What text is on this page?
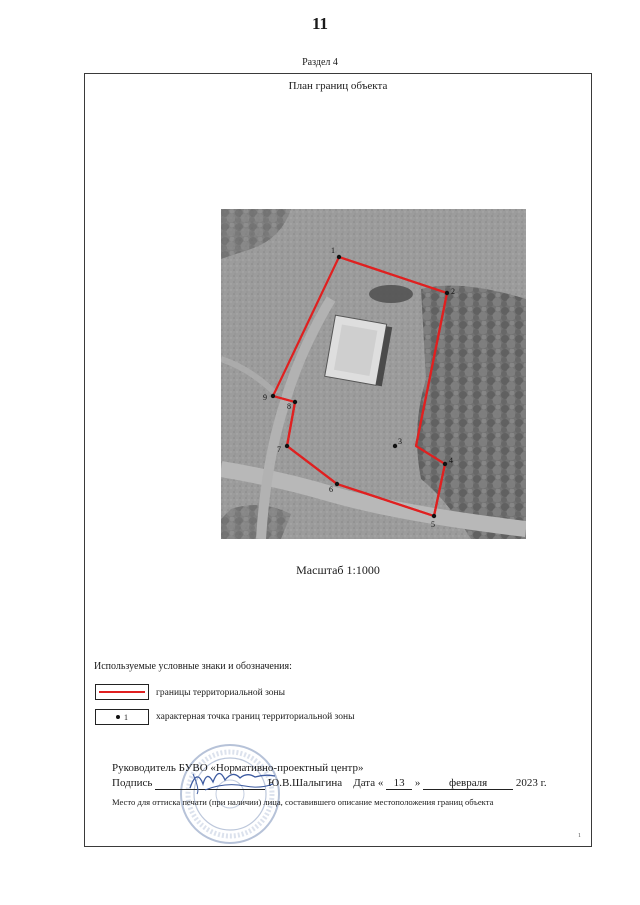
11
Раздел 4
План границ объекта
1
2
3
4
5
6
7
8
9
Масштаб 1:1000
Используемые условные знаки и обозначения:
границы территориальной зоны
1	характерная точка границ территориальной зоны
Руководитель БУВО «Нормативно-проектный центр»
Подпись	Ю.В.Шалыгина Дата « 13 »	февраля	2023 г.
Место для оттиска печати (при наличии) лица, составившего описание местоположения границ объекта
1
